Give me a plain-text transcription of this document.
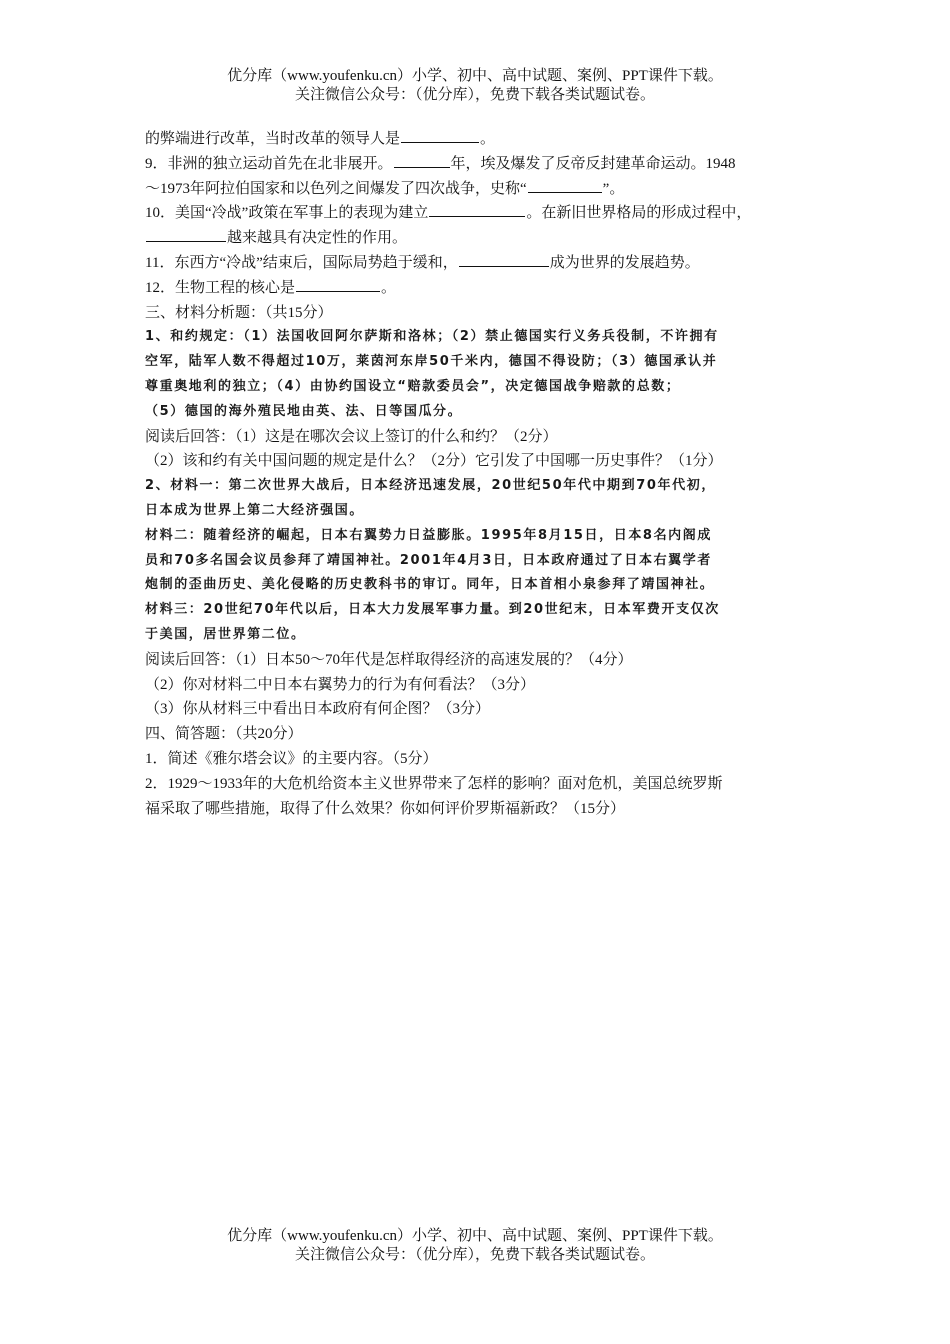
优分库（www.youfenku.cn）小学、初中、高中试题、案例、PPT课件下载。
关注微信公众号：（优分库），免费下载各类试题试卷。
的弊端进行改革，当时改革的领导人是	。
9．非洲的独立运动首先在北非展开。	年，埃及爆发了反帝反封建革命运动。1948
～1973年阿拉伯国家和以色列之间爆发了四次战争，史称“	”。
10．美国“冷战”政策在军事上的表现为建立	。在新旧世界格局的形成过程中，
越来越具有决定性的作用。
11．东西方“冷战”结束后，国际局势趋于缓和，	成为世界的发展趋势。
12．生物工程的核心是	。
三、材料分析题：（共15分）
1、和约规定：（1）法国收回阿尔萨斯和洛林；（2）禁止德国实行义务兵役制，不许拥有
空军，陆军人数不得超过10万，莱茵河东岸50千米内，德国不得设防；（3）德国承认并
尊重奥地利的独立；（4）由协约国设立“赔款委员会”，决定德国战争赔款的总数；
（5）德国的海外殖民地由英、法、日等国瓜分。
阅读后回答：（1）这是在哪次会议上签订的什么和约？（2分）
（2）该和约有关中国问题的规定是什么？（2分）它引发了中国哪一历史事件？（1分）
2、材料一：第二次世界大战后，日本经济迅速发展，20世纪50年代中期到70年代初，
日本成为世界上第二大经济强国。
材料二：随着经济的崛起，日本右翼势力日益膨胀。1995年8月15日，日本8名内阁成
员和70多名国会议员参拜了靖国神社。2001年4月3日，日本政府通过了日本右翼学者
炮制的歪曲历史、美化侵略的历史教科书的审订。同年，日本首相小泉参拜了靖国神社。
材料三：20世纪70年代以后，日本大力发展军事力量。到20世纪末，日本军费开支仅次
于美国，居世界第二位。
阅读后回答：（1）日本50～70年代是怎样取得经济的高速发展的？（4分）
（2）你对材料二中日本右翼势力的行为有何看法？（3分）
（3）你从材料三中看出日本政府有何企图？（3分）
四、简答题：（共20分）
1．简述《雅尔塔会议》的主要内容。（5分）
2．1929～1933年的大危机给资本主义世界带来了怎样的影响？面对危机，美国总统罗斯
福采取了哪些措施，取得了什么效果？你如何评价罗斯福新政？（15分）
优分库（www.youfenku.cn）小学、初中、高中试题、案例、PPT课件下载。
关注微信公众号：（优分库），免费下载各类试题试卷。
